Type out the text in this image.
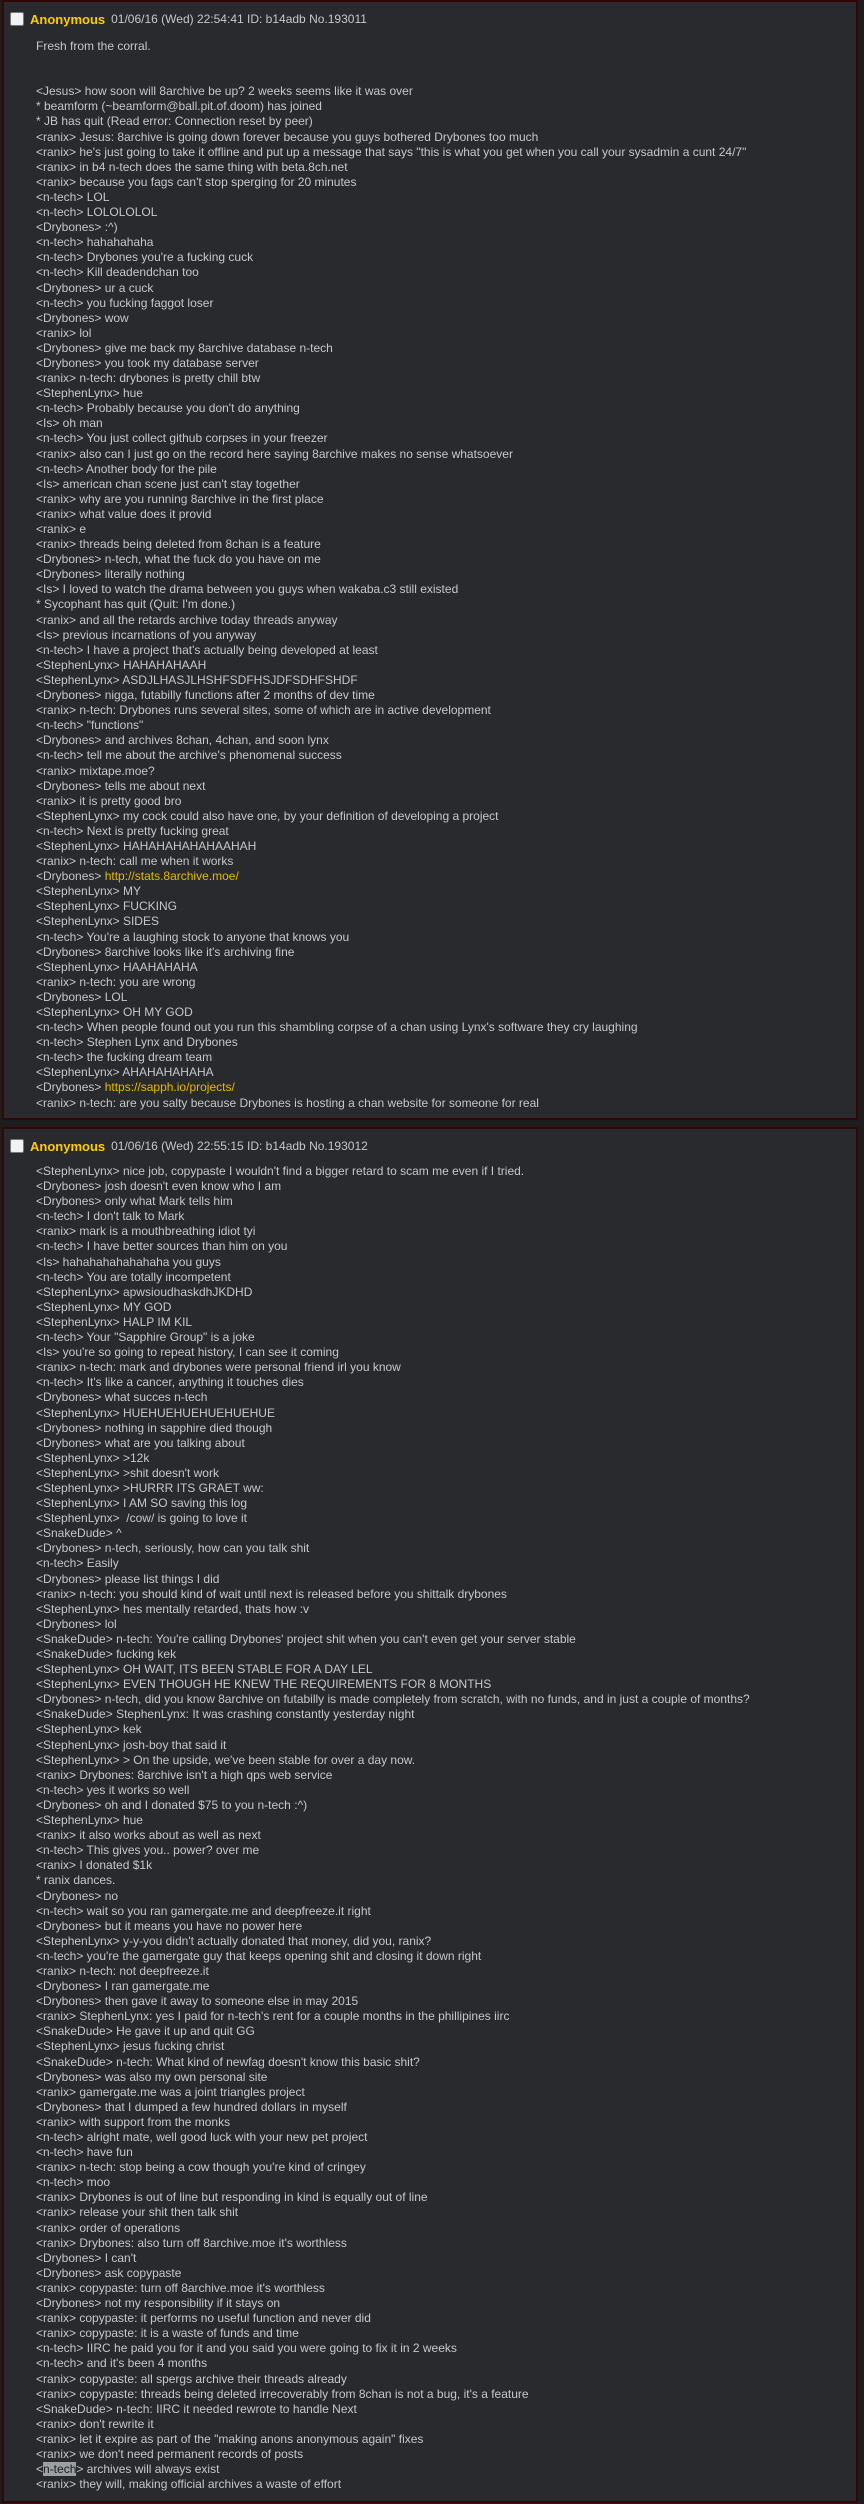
Anonymous 01/06/16 (Wed) 22:54:41
ID: b14adb
No.193011
Fresh from the corral.
<Jesus> how soon will 8archive be up? 2 weeks seems like it was over
* beamform (~beamform@ball.pit.of.doom) has joined
* JB has quit (Read error: Connection reset by peer)
<ranix> Jesus: 8archive is going down forever because you guys bothered Drybones too much
<ranix> he's just going to take it offline and put up a message that says "this is what you get when you call your sysadmin a cunt 24/7"
<ranix> in b4 n-tech does the same thing with beta.8ch.net
<ranix> because you fags can't stop sperging for 20 minutes
<n-tech> LOL
<n-tech> LOLOLOLOL
<Drybones> :^)
<n-tech> hahahahaha
<n-tech> Drybones you're a fucking cuck
<n-tech> Kill deadendchan too
<Drybones> ur a cuck
<n-tech> you fucking faggot loser
<Drybones> wow
<ranix> lol
<Drybones> give me back my 8archive database n-tech
<Drybones> you took my database server
<ranix> n-tech: drybones is pretty chill btw
<StephenLynx> hue
<n-tech> Probably because you don't do anything
<Is> oh man
<n-tech> You just collect github corpses in your freezer
<ranix> also can I just go on the record here saying 8archive makes no sense whatsoever
<n-tech> Another body for the pile
<Is> american chan scene just can't stay together
<ranix> why are you running 8archive in the first place
<ranix> what value does it provid
<ranix> e
<ranix> threads being deleted from 8chan is a feature
<Drybones> n-tech, what the fuck do you have on me
<Drybones> literally nothing
<Is> I loved to watch the drama between you guys when wakaba.c3 still existed
* Sycophant has quit (Quit: I'm done.)
<ranix> and all the retards archive today threads anyway
<Is> previous incarnations of you anyway
<n-tech> I have a project that's actually being developed at least
<StephenLynx> HAHAHAHAAH
<StephenLynx> ASDJLHASJLHSHFSDFHSJDFSDHFSHDF
<Drybones> nigga, futabilly functions after 2 months of dev time
<ranix> n-tech: Drybones runs several sites, some of which are in active development
<n-tech> "functions"
<Drybones> and archives 8chan, 4chan, and soon lynx
<n-tech> tell me about the archive's phenomenal success
<ranix> mixtape.moe?
<Drybones> tells me about next
<ranix> it is pretty good bro
<StephenLynx> my cock could also have one, by your definition of developing a project
<n-tech> Next is pretty fucking great
<StephenLynx> HAHAHAHAHAHAAHAH
<ranix> n-tech: call me when it works
<Drybones> http://stats.8archive.moe/
<StephenLynx> MY
<StephenLynx> FUCKING
<StephenLynx> SIDES
<n-tech> You're a laughing stock to anyone that knows you
<Drybones> 8archive looks like it's archiving fine
<StephenLynx> HAAHAHAHA
<ranix> n-tech: you are wrong
<Drybones> LOL
<StephenLynx> OH MY GOD
<n-tech> When people found out you run this shambling corpse of a chan using Lynx's software they cry laughing
<n-tech> Stephen Lynx and Drybones
<n-tech> the fucking dream team
<StephenLynx> AHAHAHAHAHA
<Drybones> https://sapph.io/projects/
<ranix> n-tech: are you salty because Drybones is hosting a chan website for someone for real
Anonymous 01/06/16 (Wed) 22:55:15
ID: b14adb
No.193012
<StephenLynx> nice job, copypaste I wouldn't find a bigger retard to scam me even if I tried.
<Drybones> josh doesn't even know who I am
<Drybones> only what Mark tells him
<n-tech> I don't talk to Mark
<ranix> mark is a mouthbreathing idiot tyi
<n-tech> I have better sources than him on you
<Is> hahahahahahahaha you guys
<n-tech> You are totally incompetent
<StephenLynx> apwsioudhaskdhJKDHD
<StephenLynx> MY GOD
<StephenLynx> HALP IM KIL
<n-tech> Your "Sapphire Group" is a joke
<Is> you're so going to repeat history, I can see it coming
<ranix> n-tech: mark and drybones were personal friend irl you know
<n-tech> It's like a cancer, anything it touches dies
<Drybones> what succes n-tech
<StephenLynx> HUEHUEHUEHUEHUEHUE
<Drybones> nothing in sapphire died though
<Drybones> what are you talking about
<StephenLynx> >12k
<StephenLynx> >shit doesn't work
<StephenLynx> >HURRR ITS GRAET ww:
<StephenLynx> I AM SO saving this log
<StephenLynx>  /cow/ is going to love it
<SnakeDude> ^
<Drybones> n-tech, seriously, how can you talk shit
<n-tech> Easily
<Drybones> please list things I did
<ranix> n-tech: you should kind of wait until next is released before you shittalk drybones
<StephenLynx> hes mentally retarded, thats how :v
<Drybones> lol
<SnakeDude> n-tech: You're calling Drybones' project shit when you can't even get your server stable
<SnakeDude> fucking kek
<StephenLynx> OH WAIT, ITS BEEN STABLE FOR A DAY LEL
<StephenLynx> EVEN THOUGH HE KNEW THE REQUIREMENTS FOR 8 MONTHS
<Drybones> n-tech, did you know 8archive on futabilly is made completely from scratch, with no funds, and in just a couple of months?
<SnakeDude> StephenLynx: It was crashing constantly yesterday night
<StephenLynx> kek
<StephenLynx> josh-boy that said it
<StephenLynx> > On the upside, we've been stable for over a day now.
<ranix> Drybones: 8archive isn't a high qps web service
<n-tech> yes it works so well
<Drybones> oh and I donated $75 to you n-tech :^)
<StephenLynx> hue
<ranix> it also works about as well as next
<n-tech> This gives you.. power? over me
<ranix> I donated $1k
* ranix dances.
<Drybones> no
<n-tech> wait so you ran gamergate.me and deepfreeze.it right
<Drybones> but it means you have no power here
<StephenLynx> y-y-you didn't actually donated that money, did you, ranix?
<n-tech> you're the gamergate guy that keeps opening shit and closing it down right
<ranix> n-tech: not deepfreeze.it
<Drybones> I ran gamergate.me
<Drybones> then gave it away to someone else in may 2015
<ranix> StephenLynx: yes I paid for n-tech's rent for a couple months in the phillipines iirc
<SnakeDude> He gave it up and quit GG
<StephenLynx> jesus fucking christ
<SnakeDude> n-tech: What kind of newfag doesn't know this basic shit?
<Drybones> was also my own personal site
<ranix> gamergate.me was a joint triangles project
<Drybones> that I dumped a few hundred dollars in myself
<ranix> with support from the monks
<n-tech> alright mate, well good luck with your new pet project
<n-tech> have fun
<ranix> n-tech: stop being a cow though you're kind of cringey
<n-tech> moo
<ranix> Drybones is out of line but responding in kind is equally out of line
<ranix> release your shit then talk shit
<ranix> order of operations
<ranix> Drybones: also turn off 8archive.moe it's worthless
<Drybones> I can't
<Drybones> ask copypaste
<ranix> copypaste: turn off 8archive.moe it's worthless
<Drybones> not my responsibility if it stays on
<ranix> copypaste: it performs no useful function and never did
<ranix> copypaste: it is a waste of funds and time
<n-tech> IIRC he paid you for it and you said you were going to fix it in 2 weeks
<n-tech> and it's been 4 months
<ranix> copypaste: all spergs archive their threads already
<ranix> copypaste: threads being deleted irrecoverably from 8chan is not a bug, it's a feature
<SnakeDude> n-tech: IIRC it needed rewrote to handle Next
<ranix> don't rewrite it
<ranix> let it expire as part of the "making anons anonymous again" fixes
<ranix> we don't need permanent records of posts
<n-tech> archives will always exist
<ranix> they will, making official archives a waste of effort
